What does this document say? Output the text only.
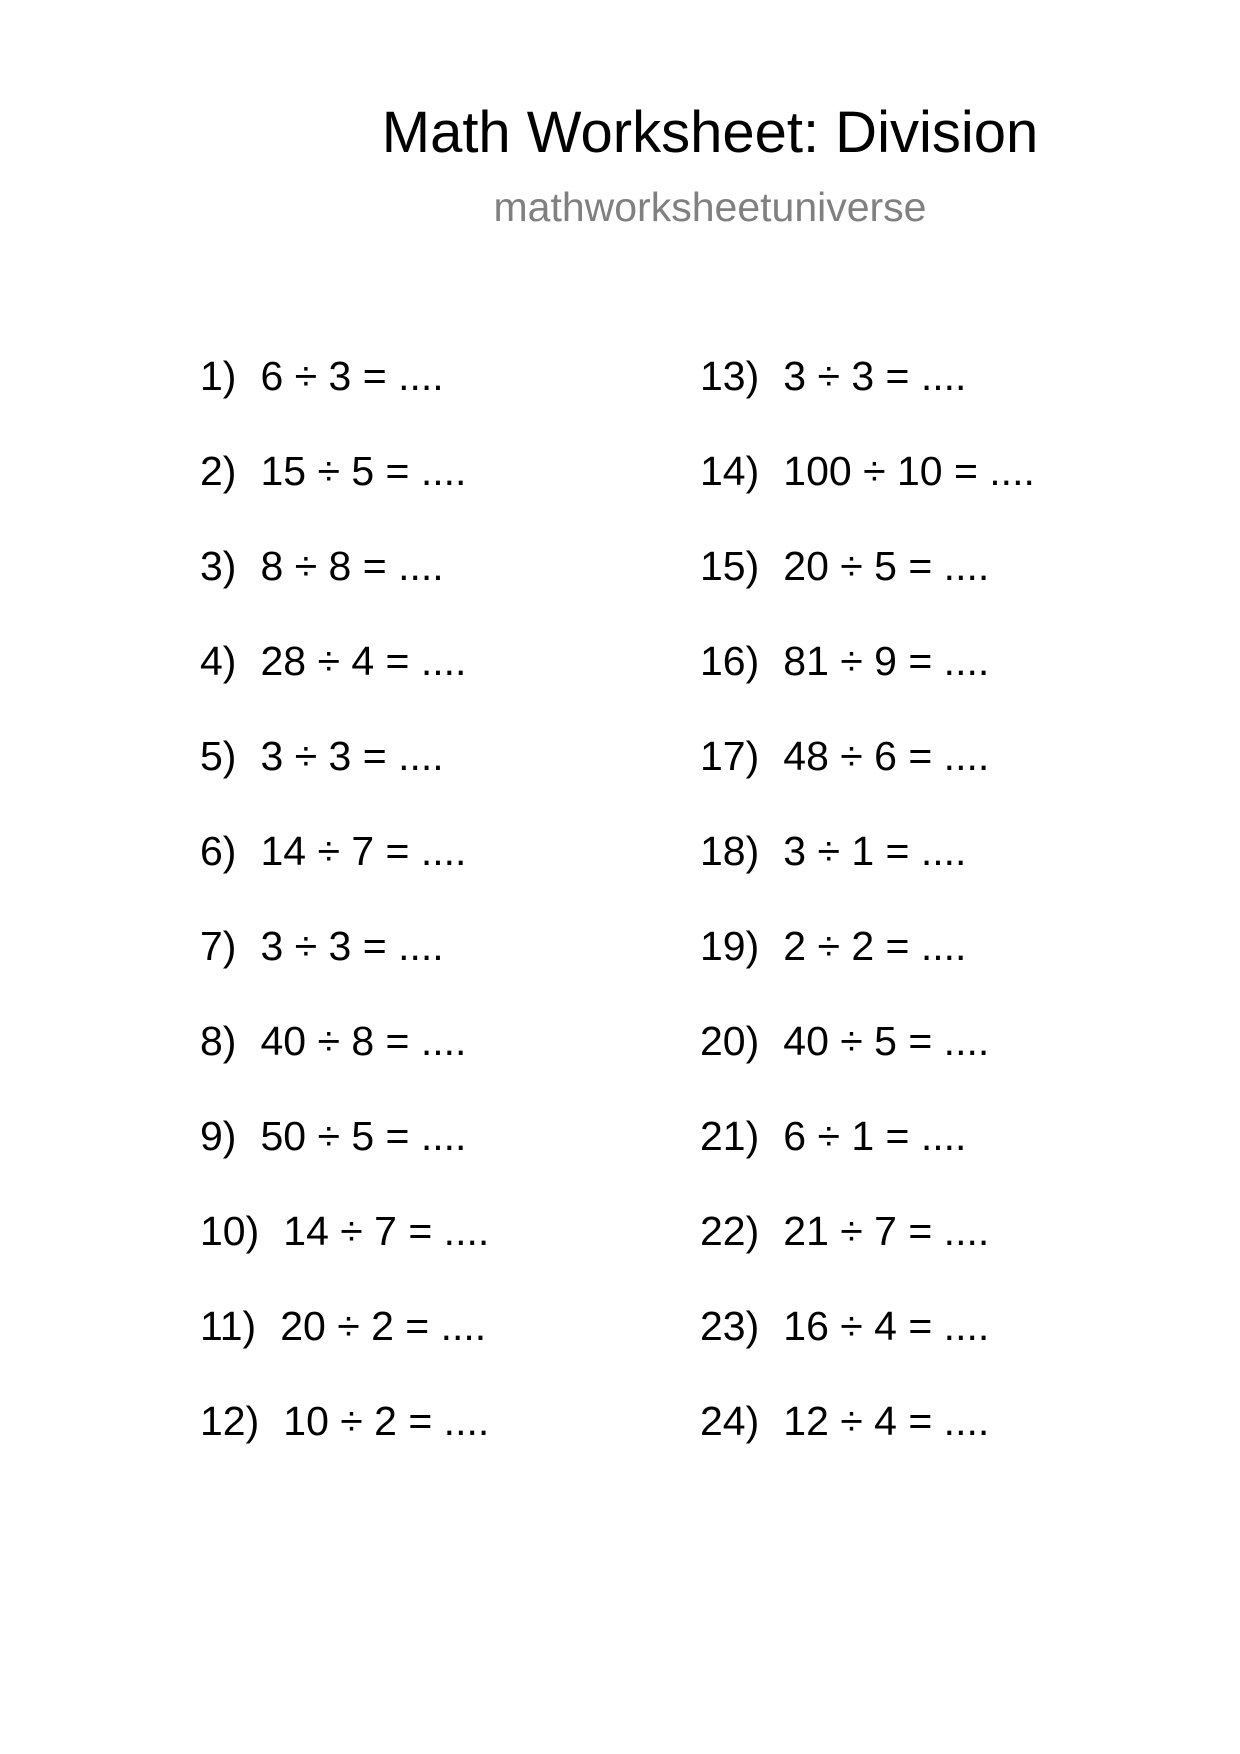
Math Worksheet: Division
mathworksheetuniverse
1) 6 ÷ 3 = ....
2) 15 ÷ 5 = ....
3) 8 ÷ 8 = ....
4) 28 ÷ 4 = ....
5) 3 ÷ 3 = ....
6) 14 ÷ 7 = ....
7) 3 ÷ 3 = ....
8) 40 ÷ 8 = ....
9) 50 ÷ 5 = ....
10) 14 ÷ 7 = ....
11) 20 ÷ 2 = ....
12) 10 ÷ 2 = ....
13) 3 ÷ 3 = ....
14) 100 ÷ 10 = ....
15) 20 ÷ 5 = ....
16) 81 ÷ 9 = ....
17) 48 ÷ 6 = ....
18) 3 ÷ 1 = ....
19) 2 ÷ 2 = ....
20) 40 ÷ 5 = ....
21) 6 ÷ 1 = ....
22) 21 ÷ 7 = ....
23) 16 ÷ 4 = ....
24) 12 ÷ 4 = ....
